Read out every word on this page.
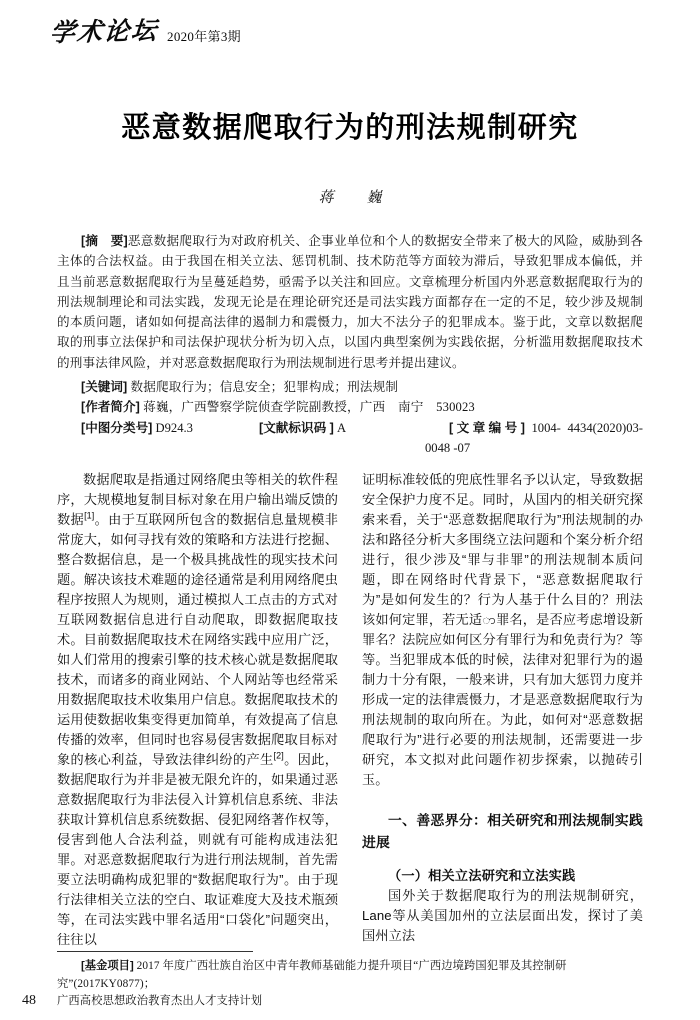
学术论坛 2020年第3期
恶意数据爬取行为的刑法规制研究
蒋　巍

[摘　要]恶意数据爬取行为对政府机关、企事业单位和个人的数据安全带来了极大的风险，威胁到各主体的合法权益。由于我国在相关立法、惩罚机制、技术防范等方面较为滞后，导致犯罪成本偏低，并且当前恶意数据爬取行为呈蔓延趋势，亟需予以关注和回应。文章梳理分析国内外恶意数据爬取行为的刑法规制理论和司法实践，发现无论是在理论研究还是司法实践方面都存在一定的不足，较少涉及规制的本质问题，诸如如何提高法律的遏制力和震慑力，加大不法分子的犯罪成本。鉴于此，文章以数据爬取的刑事立法保护和司法保护现状分析为切入点，以国内典型案例为实践依据，分析滥用数据爬取技术的刑事法律风险，并对恶意数据爬取行为刑法规制进行思考并提出建议。

[关键词] 数据爬取行为；信息安全；犯罪构成；刑法规制

[作者简介] 蒋巍，广西警察学院侦查学院副教授，广西　南宁　530023

[中图分类号] D924.3	[文献标识码 ] A	[文章编号] 1004- 4434(2020)03- 0048 -07

数据爬取是指通过网络爬虫等相关的软件程序，大规模地复制目标对象在用户输出端反馈的数据[1]。由于互联网所包含的数据信息量规模非常庞大，如何寻找有效的策略和方法进行挖掘、整合数据信息，是一个极具挑战性的现实技术问题。解决该技术难题的途径通常是利用网络爬虫程序按照人为规则，通过模拟人工点击的方式对互联网数据信息进行自动爬取，即数据爬取技术。目前数据爬取技术在网络实践中应用广泛，如人们常用的搜索引擎的技术核心就是数据爬取技术，而诸多的商业网站、个人网站等也经常采用数据爬取技术收集用户信息。数据爬取技术的运用使数据收集变得更加简单，有效提高了信息传播的效率，但同时也容易侵害数据爬取目标对象的核心利益，导致法律纠纷的产生[2]。因此，数据爬取行为并非是被无限允许的，如果通过恶意数据爬取行为非法侵入计算机信息系统、非法获取计算机信息系统数据、侵犯网络著作权等，侵害到他人合法利益，则就有可能构成违法犯罪。对恶意数据爬取行为进行刑法规制，首先需要立法明确构成犯罪的“数据爬取行为”。由于现行法律相关立法的空白、取证难度大及技术瓶颈等，在司法实践中罪名适用“口袋化”问题突出，往往以

证明标准较低的兜底性罪名予以认定，导致数据安全保护力度不足。同时，从国内的相关研究探索来看，关于“恶意数据爬取行为”刑法规制的办法和路径分析大多围绕立法问题和个案分析介绍进行，很少涉及“罪与非罪”的刑法规制本质问题，即在网络时代背景下，“恶意数据爬取行为”是如何发生的？行为人基于什么目的？刑法该如何定罪，若无适ာ罪名，是否应考虑增设新罪名？法院应如何区分有罪行为和免责行为？等等。当犯罪成本低的时候，法律对犯罪行为的遏制力十分有限，一般来讲，只有加大惩罚力度并形成一定的法律震慑力，才是恶意数据爬取行为刑法规制的取向所在。为此，如何对“恶意数据爬取行为”进行必要的刑法规制，还需要进一步研究，本文拟对此问题作初步探索，以抛砖引玉。

一、善恶界分：相关研究和刑法规制实践进展
（一）相关立法研究和立法实践

国外关于数据爬取行为的刑法规制研究，Lane等从美国加州的立法层面出发，探讨了美国州立法

[基金项目] 2017 年度广西壮族自治区中青年教师基础能力提升项目“广西边境跨国犯罪及其控制研究”(2017KY0877)；

广西高校思想政治教育杰出人才支持计划

48
